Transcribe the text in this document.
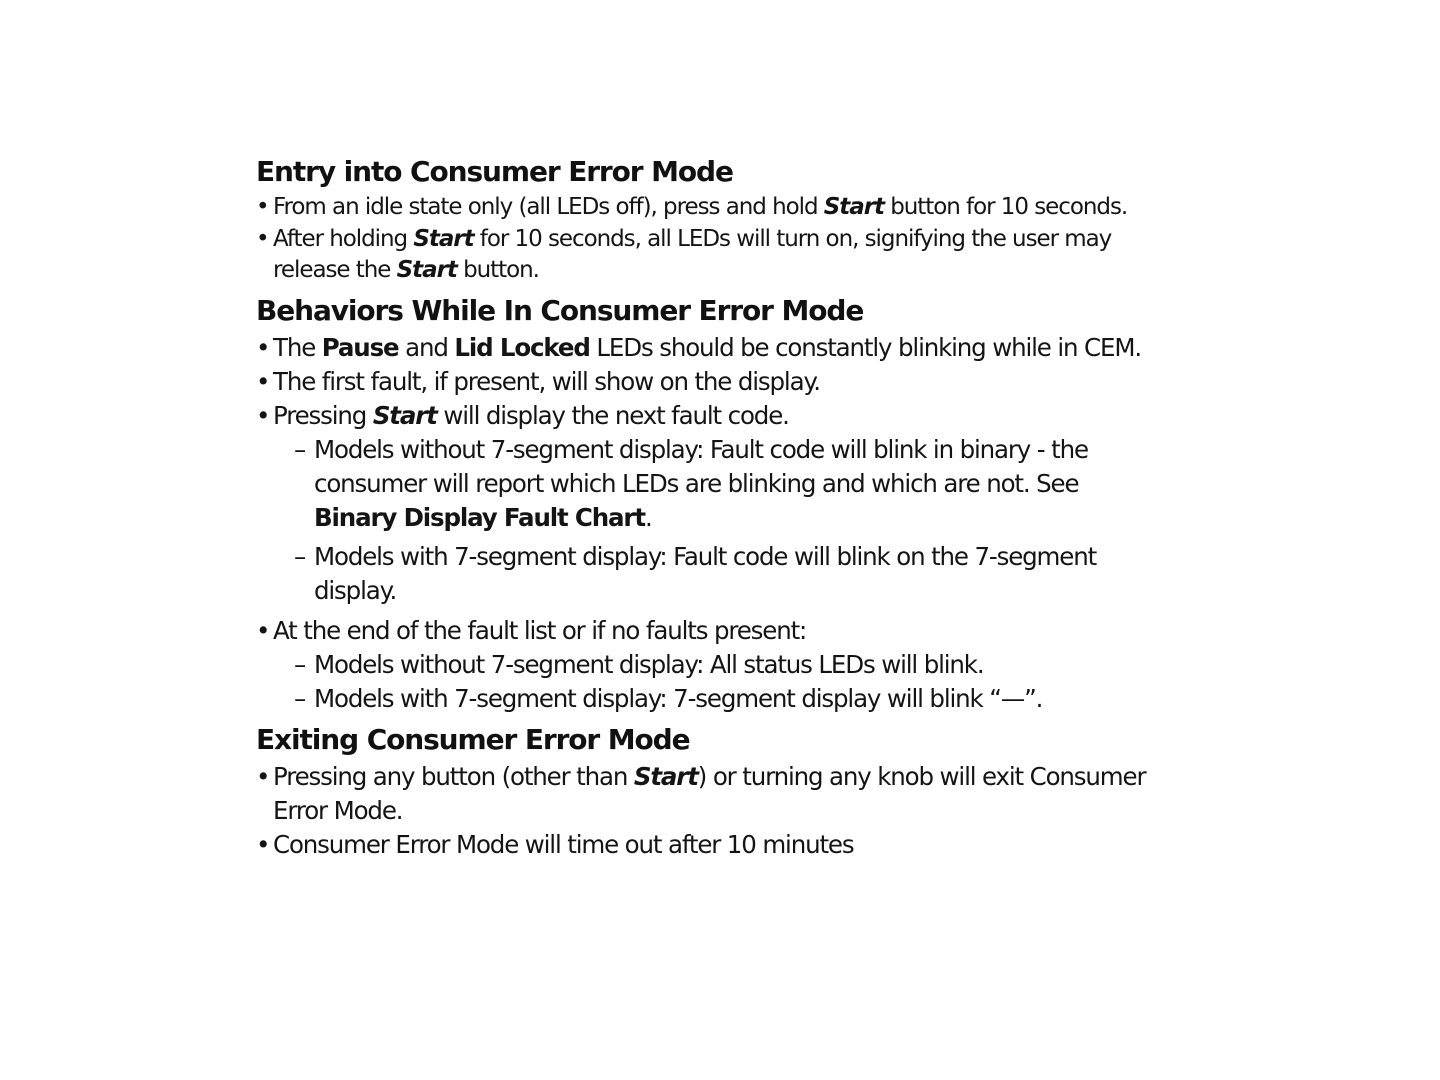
Entry into Consumer Error Mode
• From an idle state only (all LEDs off), press and hold Start button for 10 seconds.
• After holding Start for 10 seconds, all LEDs will turn on, signifying the user may release the Start button.
Behaviors While In Consumer Error Mode
• The Pause and Lid Locked LEDs should be constantly blinking while in CEM.
• The first fault, if present, will show on the display.
• Pressing Start will display the next fault code.
– Models without 7-segment display: Fault code will blink in binary - the consumer will report which LEDs are blinking and which are not. See Binary Display Fault Chart.
– Models with 7-segment display: Fault code will blink on the 7-segment display.
• At the end of the fault list or if no faults present:
– Models without 7-segment display: All status LEDs will blink.
– Models with 7-segment display: 7-segment display will blink “—”.
Exiting Consumer Error Mode
• Pressing any button (other than Start) or turning any knob will exit Consumer Error Mode.
• Consumer Error Mode will time out after 10 minutes
